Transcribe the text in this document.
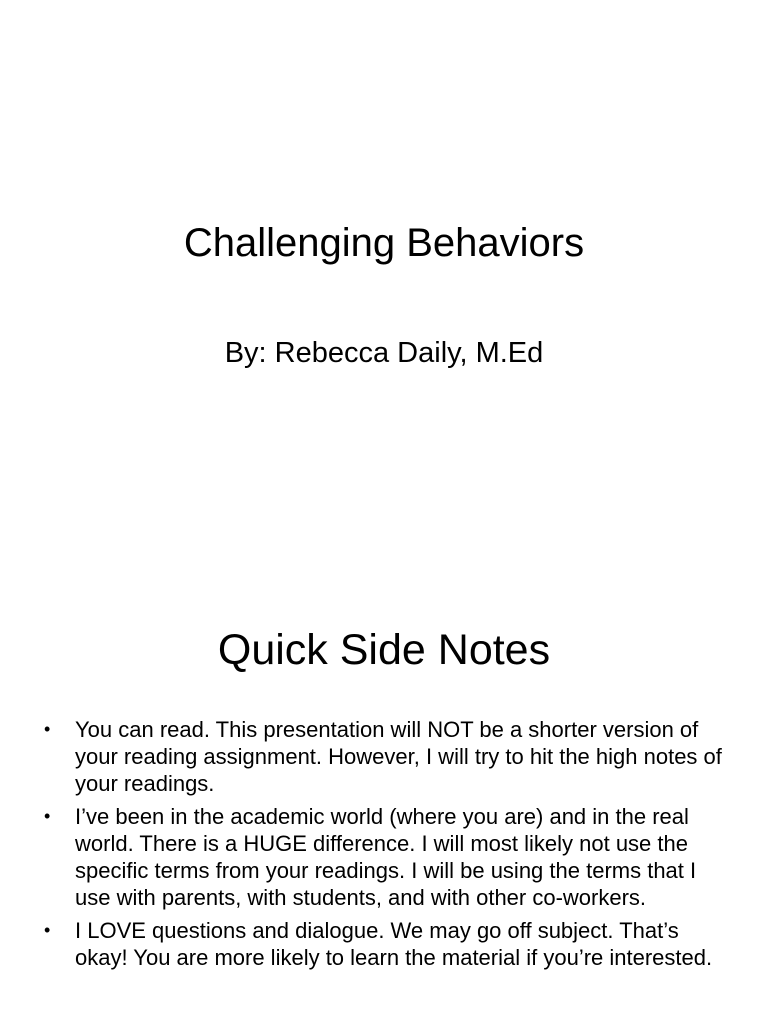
Challenging Behaviors

By: Rebecca Daily, M.Ed

Quick Side Notes
• You can read. This presentation will NOT be a shorter version of your reading assignment. However, I will try to hit the high notes of your readings.
• I’ve been in the academic world (where you are) and in the real world. There is a HUGE difference. I will most likely not use the specific terms from your readings. I will be using the terms that I use with parents, with students, and with other co-workers.
• I LOVE questions and dialogue. We may go off subject. That’s okay! You are more likely to learn the material if you’re interested.
